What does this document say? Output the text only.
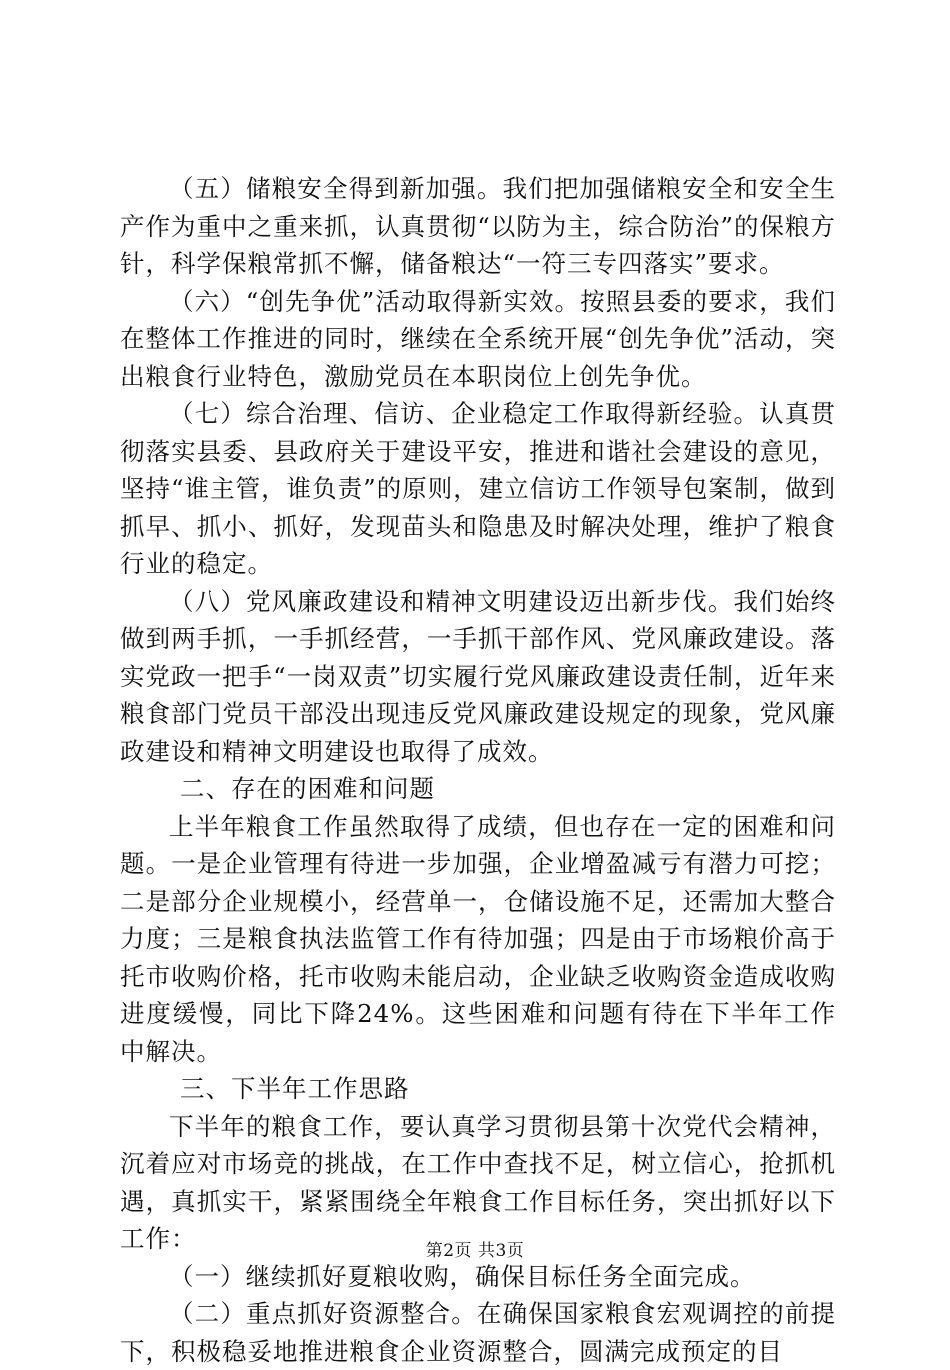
（五）储粮安全得到新加强。我们把加强储粮安全和安全生产作为重中之重来抓，认真贯彻“以防为主，综合防治”的保粮方针，科学保粮常抓不懈，储备粮达“一符三专四落实”要求。

（六）“创先争优”活动取得新实效。按照县委的要求，我们在整体工作推进的同时，继续在全系统开展“创先争优”活动，突出粮食行业特色，激励党员在本职岗位上创先争优。

（七）综合治理、信访、企业稳定工作取得新经验。认真贯彻落实县委、县政府关于建设平安，推进和谐社会建设的意见，坚持“谁主管，谁负责”的原则，建立信访工作领导包案制，做到抓早、抓小、抓好，发现苗头和隐患及时解决处理，维护了粮食行业的稳定。

（八）党风廉政建设和精神文明建设迈出新步伐。我们始终做到两手抓，一手抓经营，一手抓干部作风、党风廉政建设。落实党政一把手“一岗双责”切实履行党风廉政建设责任制，近年来粮食部门党员干部没出现违反党风廉政建设规定的现象，党风廉政建设和精神文明建设也取得了成效。

二、存在的困难和问题

上半年粮食工作虽然取得了成绩，但也存在一定的困难和问题。一是企业管理有待进一步加强，企业增盈减亏有潜力可挖；二是部分企业规模小，经营单一，仓储设施不足，还需加大整合力度；三是粮食执法监管工作有待加强；四是由于市场粮价高于托市收购价格，托市收购未能启动，企业缺乏收购资金造成收购进度缓慢，同比下降24%。这些困难和问题有待在下半年工作中解决。

三、下半年工作思路

下半年的粮食工作，要认真学习贯彻县第十次党代会精神，沉着应对市场竞的挑战，在工作中查找不足，树立信心，抢抓机遇，真抓实干，紧紧围绕全年粮食工作目标任务，突出抓好以下工作：

（一）继续抓好夏粮收购，确保目标任务全面完成。

（二）重点抓好资源整合。在确保国家粮食宏观调控的前提下，积极稳妥地推进粮食企业资源整合，圆满完成预定的目

第2页 共3页
